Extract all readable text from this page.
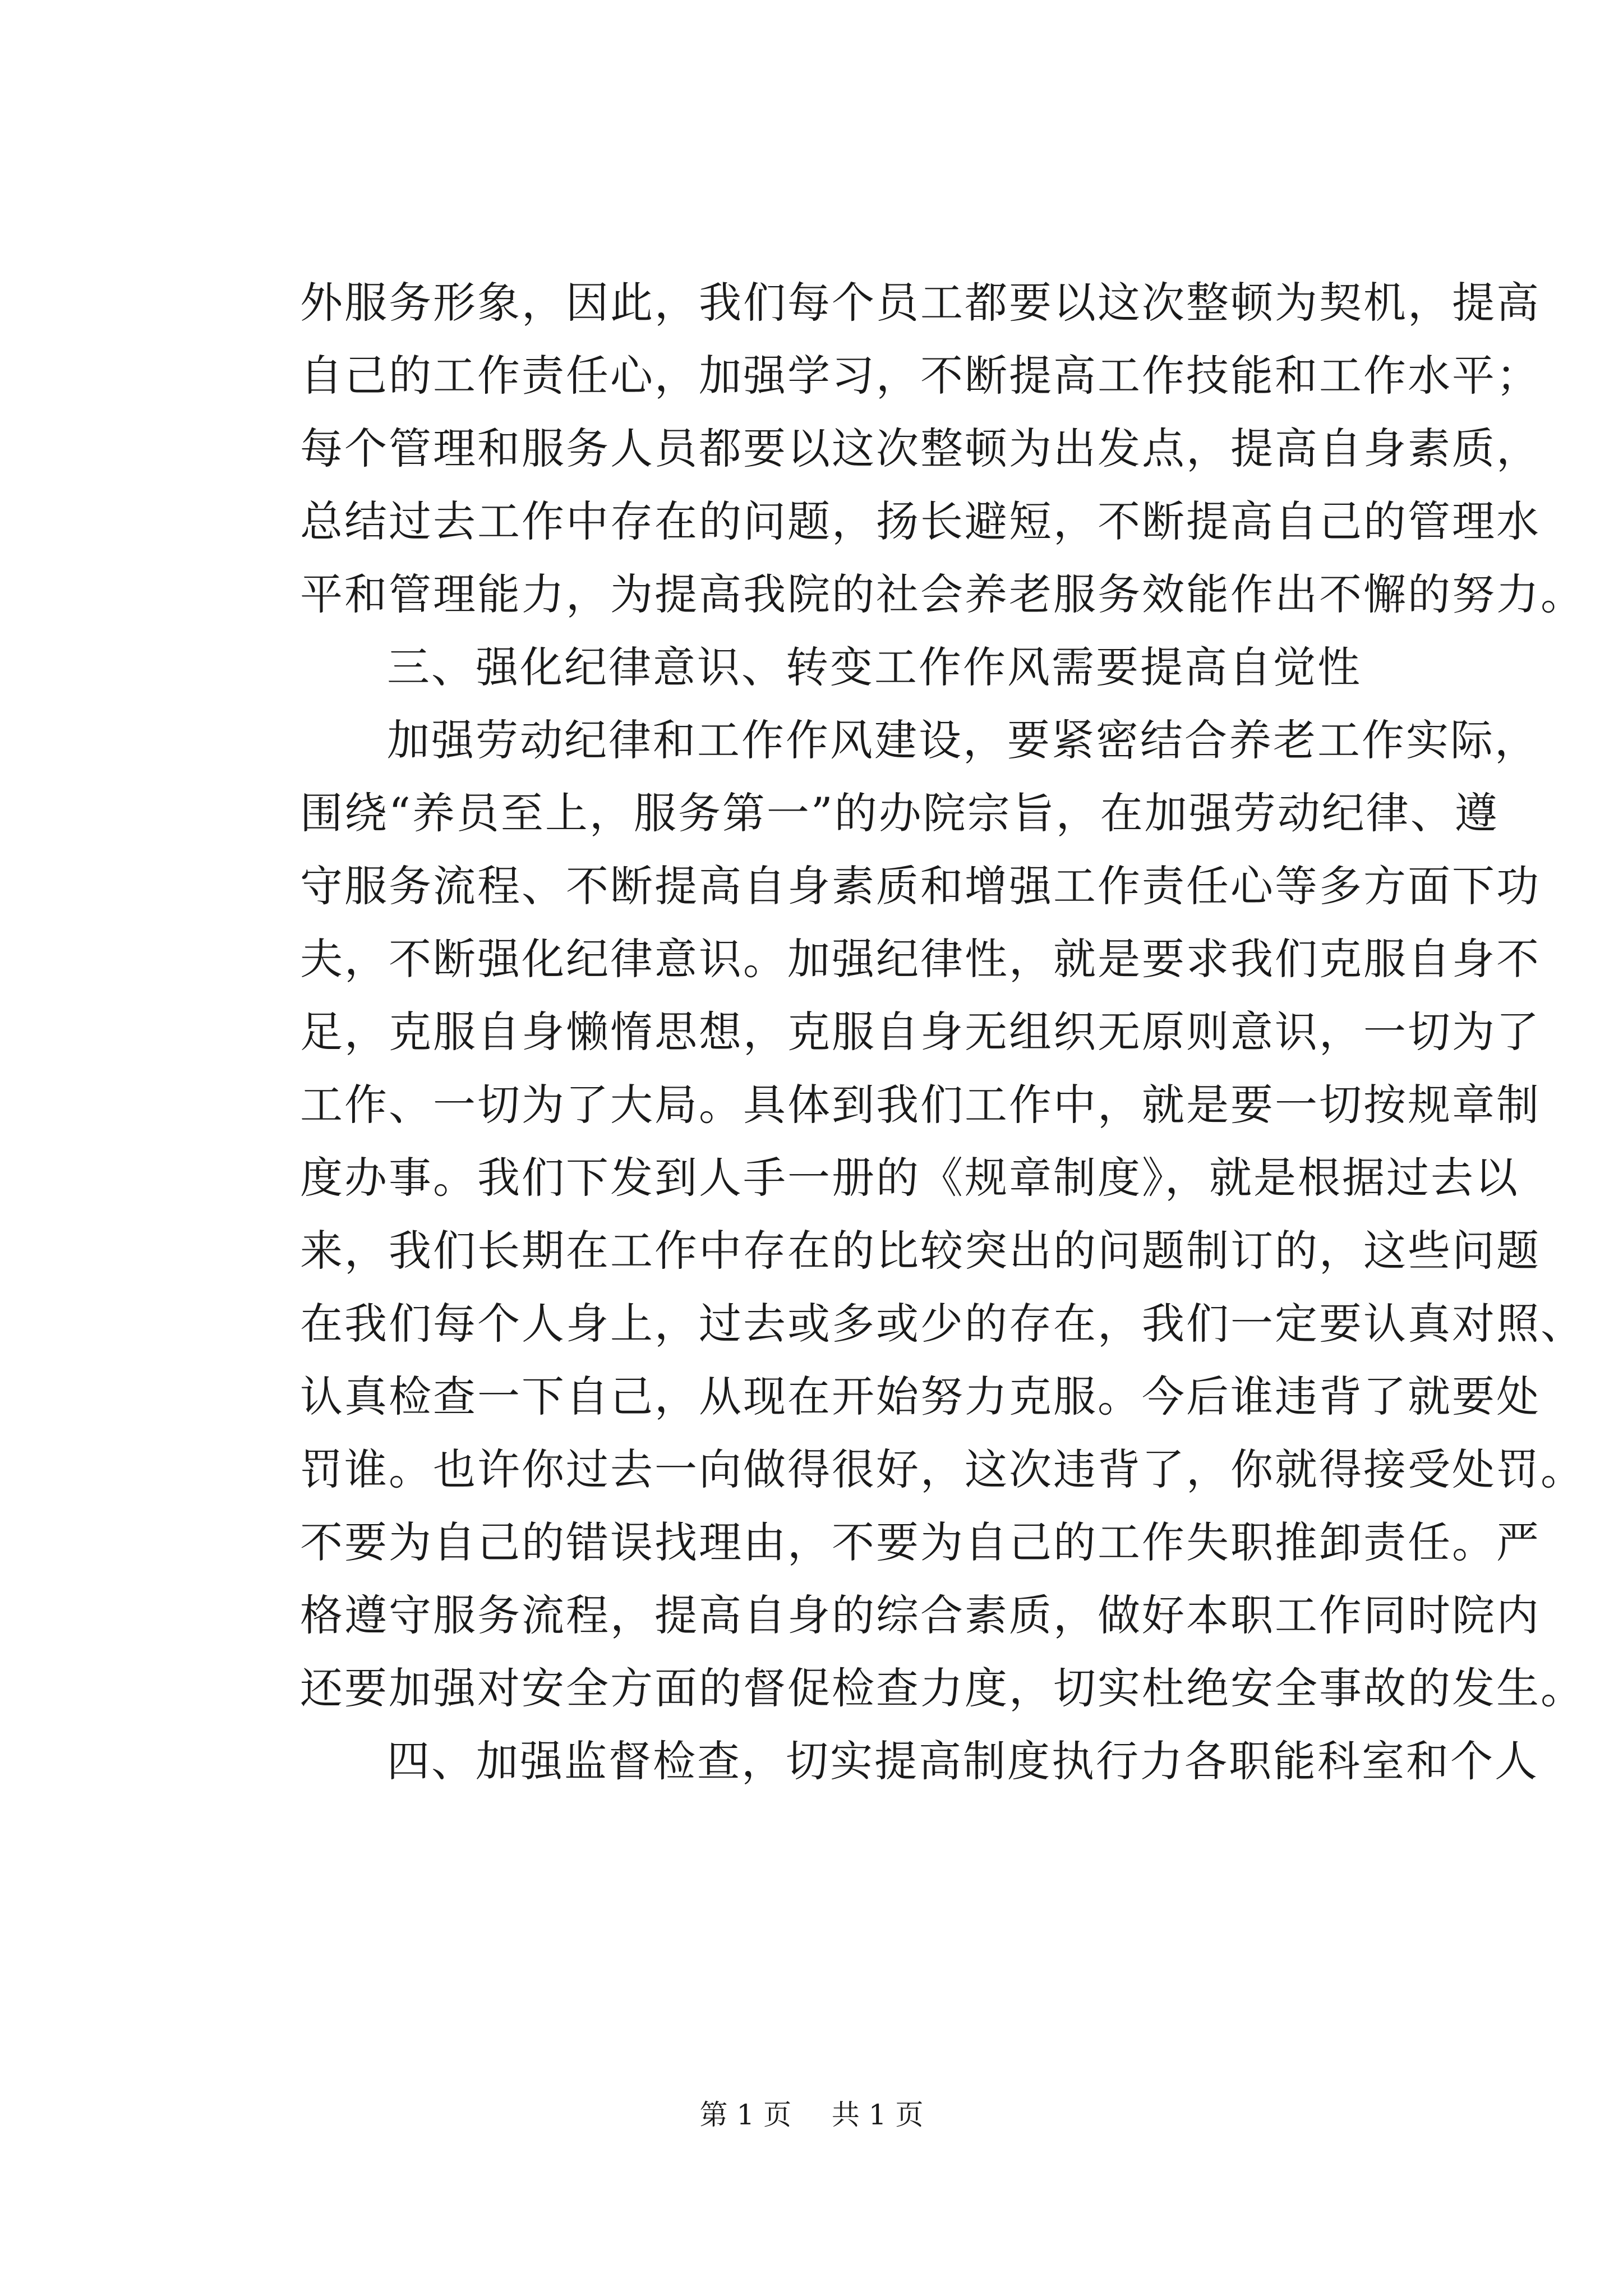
外服务形象，因此，我们每个员工都要以这次整顿为契机，提高
自己的工作责任心，加强学习，不断提高工作技能和工作水平；
每个管理和服务人员都要以这次整顿为出发点，提高自身素质，
总结过去工作中存在的问题，扬长避短，不断提高自己的管理水
平和管理能力，为提高我院的社会养老服务效能作出不懈的努力。
三、强化纪律意识、转变工作作风需要提高自觉性
加强劳动纪律和工作作风建设，要紧密结合养老工作实际，
围绕“养员至上，服务第一”的办院宗旨，在加强劳动纪律、遵
守服务流程、不断提高自身素质和增强工作责任心等多方面下功
夫，不断强化纪律意识。加强纪律性，就是要求我们克服自身不
足，克服自身懒惰思想，克服自身无组织无原则意识，一切为了
工作、一切为了大局。具体到我们工作中，就是要一切按规章制
度办事。我们下发到人手一册的《规章制度》，就是根据过去以
来，我们长期在工作中存在的比较突出的问题制订的，这些问题
在我们每个人身上，过去或多或少的存在，我们一定要认真对照、
认真检查一下自己，从现在开始努力克服。今后谁违背了就要处
罚谁。也许你过去一向做得很好，这次违背了，你就得接受处罚。
不要为自己的错误找理由，不要为自己的工作失职推卸责任。严
格遵守服务流程，提高自身的综合素质，做好本职工作同时院内
还要加强对安全方面的督促检查力度，切实杜绝安全事故的发生。
四、加强监督检查，切实提高制度执行力各职能科室和个人
第 1 页 共 1 页
